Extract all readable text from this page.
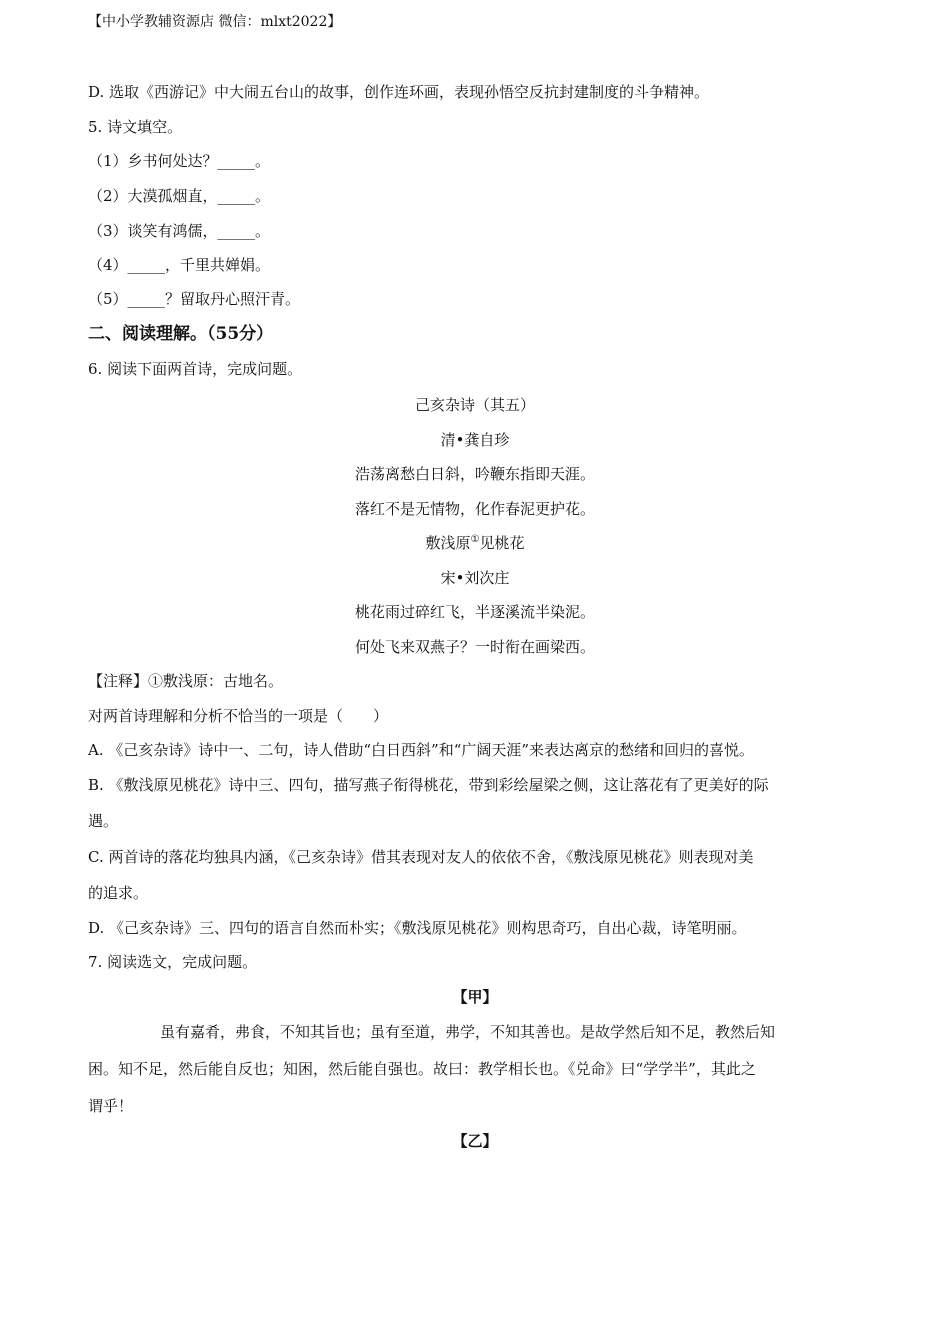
【中小学教辅资源店 微信：mlxt2022】
D. 选取《西游记》中大闹五台山的故事，创作连环画，表现孙悟空反抗封建制度的斗争精神。
5. 诗文填空。
（1）乡书何处达？_____。
（2）大漠孤烟直，_____。
（3）谈笑有鸿儒，_____。
（4）_____，千里共婵娟。
（5）_____？留取丹心照汗青。
二、阅读理解。（55分）
6. 阅读下面两首诗，完成问题。
己亥杂诗（其五）
清•龚自珍
浩荡离愁白日斜，吟鞭东指即天涯。
落红不是无情物，化作春泥更护花。
敷浅原①见桃花
宋•刘次庄
桃花雨过碎红飞，半逐溪流半染泥。
何处飞来双燕子？一时衔在画梁西。
【注释】①敷浅原：古地名。
对两首诗理解和分析不恰当的一项是（　　）
A. 《己亥杂诗》诗中一、二句，诗人借助“白日西斜”和“广阔天涯”来表达离京的愁绪和回归的喜悦。
B. 《敷浅原见桃花》诗中三、四句，描写燕子衔得桃花，带到彩绘屋梁之侧，这让落花有了更美好的际
遇。
C. 两首诗的落花均独具内涵，《己亥杂诗》借其表现对友人的依依不舍，《敷浅原见桃花》则表现对美
的追求。
D. 《己亥杂诗》三、四句的语言自然而朴实；《敷浅原见桃花》则构思奇巧，自出心裁，诗笔明丽。
7. 阅读选文，完成问题。
【甲】
虽有嘉肴，弗食，不知其旨也；虽有至道，弗学，不知其善也。是故学然后知不足，教然后知
困。知不足，然后能自反也；知困，然后能自强也。故曰：教学相长也。《兑命》曰“学学半”，其此之
谓乎！
【乙】
